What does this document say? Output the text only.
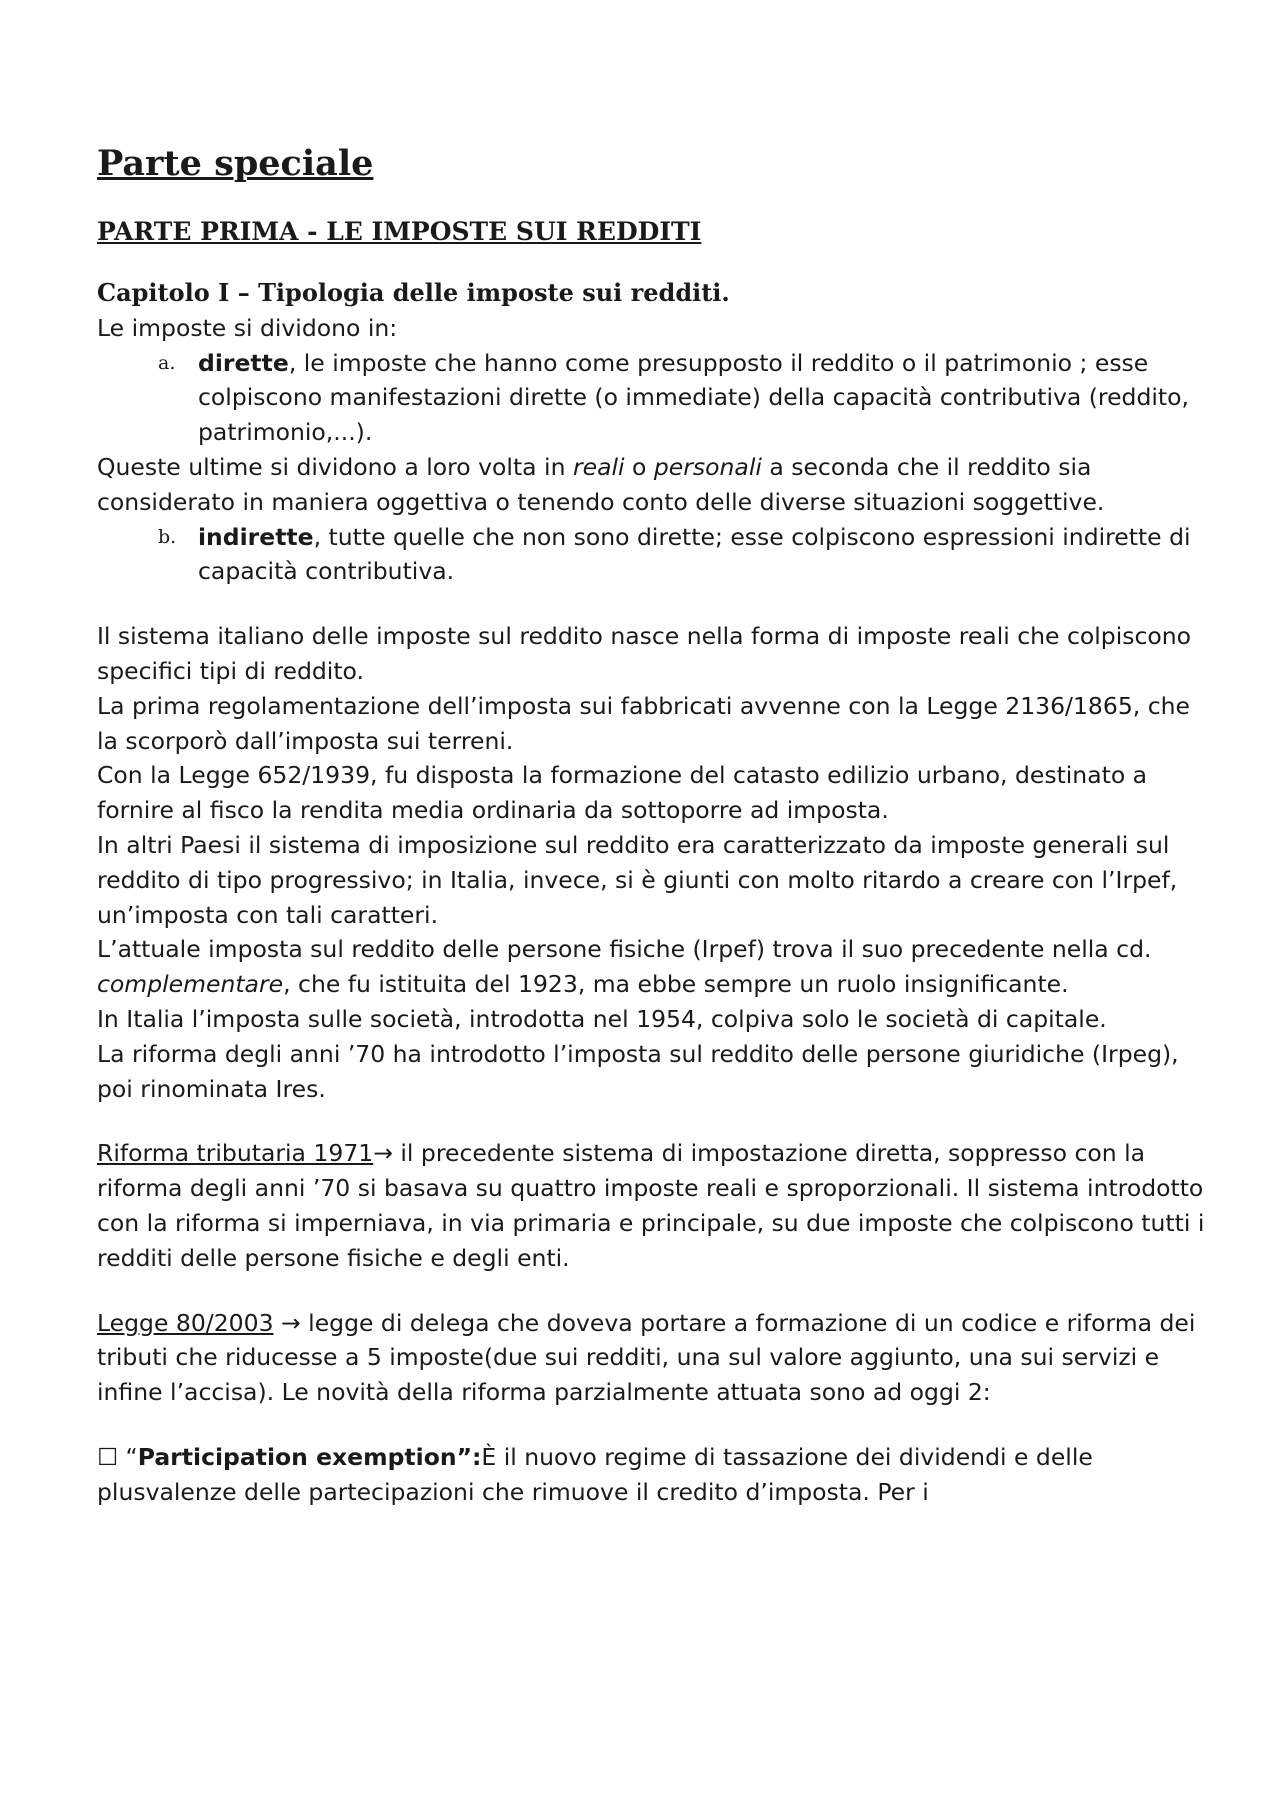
Parte speciale
PARTE PRIMA - LE IMPOSTE SUI REDDITI
Capitolo I – Tipologia delle imposte sui redditi.

Le imposte si dividono in:

a. dirette, le imposte che hanno come presupposto il reddito o il patrimonio ; esse colpiscono manifestazioni dirette (o immediate) della capacità contributiva (reddito, patrimonio,...).

Queste ultime si dividono a loro volta in reali o personali a seconda che il reddito sia considerato in maniera oggettiva o tenendo conto delle diverse situazioni soggettive.

b. indirette, tutte quelle che non sono dirette; esse colpiscono espressioni indirette di capacità contributiva.

Il sistema italiano delle imposte sul reddito nasce nella forma di imposte reali che colpiscono specifici tipi di reddito.

La prima regolamentazione dell’imposta sui fabbricati avvenne con la Legge 2136/1865, che la scorporò dall’imposta sui terreni.

Con la Legge 652/1939, fu disposta la formazione del catasto edilizio urbano, destinato a fornire al fisco la rendita media ordinaria da sottoporre ad imposta.

In altri Paesi il sistema di imposizione sul reddito era caratterizzato da imposte generali sul reddito di tipo progressivo; in Italia, invece, si è giunti con molto ritardo a creare con l’Irpef, un’imposta con tali caratteri.

L’attuale imposta sul reddito delle persone fisiche (Irpef) trova il suo precedente nella cd. complementare, che fu istituita del 1923, ma ebbe sempre un ruolo insignificante.

In Italia l’imposta sulle società, introdotta nel 1954, colpiva solo le società di capitale.

La riforma degli anni ’70 ha introdotto l’imposta sul reddito delle persone giuridiche (Irpeg), poi rinominata Ires.

Riforma tributaria 1971→ il precedente sistema di impostazione diretta, soppresso con la riforma degli anni ’70 si basava su quattro imposte reali e sproporzionali. Il sistema introdotto con la riforma si imperniava, in via primaria e principale, su due imposte che colpiscono tutti i redditi delle persone fisiche e degli enti.

Legge 80/2003 → legge di delega che doveva portare a formazione di un codice e riforma dei tributi che riducesse a 5 imposte(due sui redditi, una sul valore aggiunto, una sui servizi e infine l’accisa). Le novità della riforma parzialmente attuata sono ad oggi 2:

☐ “Participation exemption”:È il nuovo regime di tassazione dei dividendi e delle plusvalenze delle partecipazioni che rimuove il credito d’imposta. Per i
